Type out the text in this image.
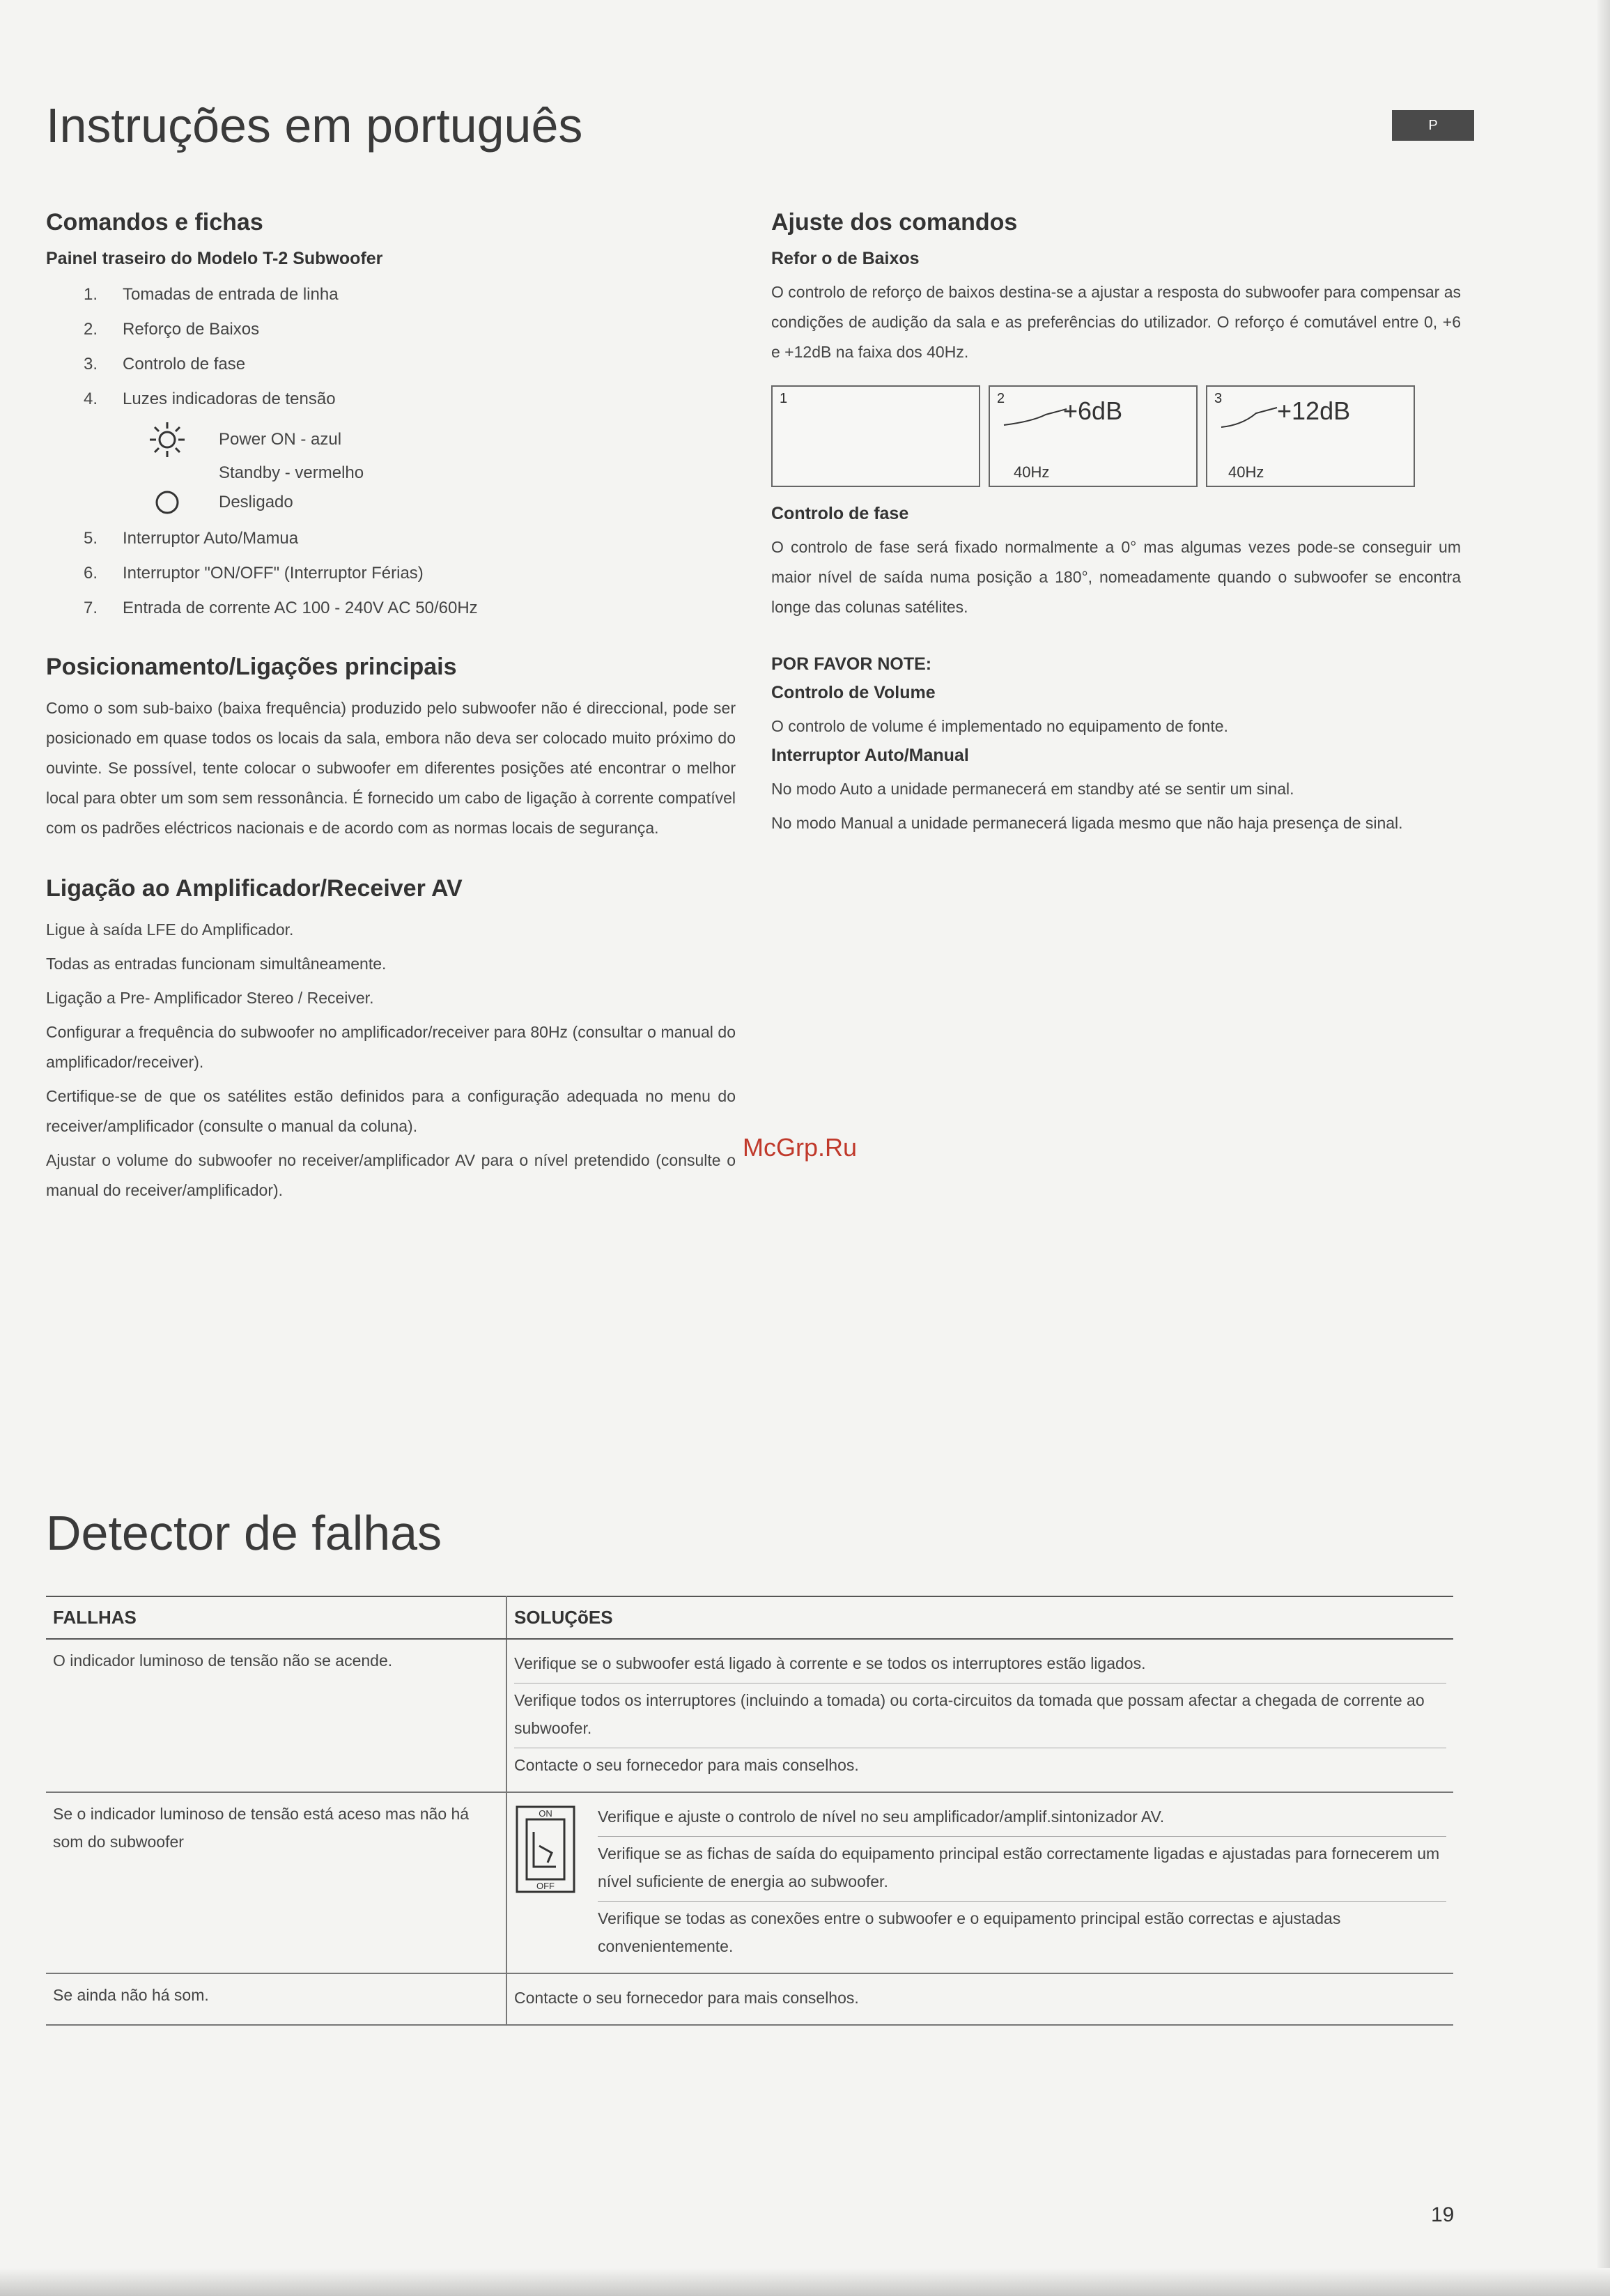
Instruções em português	P
Comandos e fichas
Painel traseiro do Modelo T-2 Subwoofer
1.	Tomadas de entrada de linha
2.	Reforço de Baixos
3.	Controlo de fase
4.	Luzes indicadoras de tensão
Power ON - azul
Standby - vermelho
Desligado
5.	Interruptor Auto/Mamua
6.	Interruptor "ON/OFF" (Interruptor Férias)
7.	Entrada de corrente AC 100 - 240V AC 50/60Hz
Posicionamento/Ligações principais

Como o som sub-baixo (baixa frequência) produzido pelo subwoofer não é direccional, pode ser posicionado em quase todos os locais da sala, embora não deva ser colocado muito próximo do ouvinte. Se possível, tente colocar o subwoofer em diferentes posições até encontrar o melhor local para obter um som sem ressonância. É fornecido um cabo de ligação à corrente compatível com os padrões eléctricos nacionais e de acordo com as normas locais de segurança.

Ligação ao Amplificador/Receiver AV

Ligue à saída LFE do Amplificador.

Todas as entradas funcionam simultâneamente.

Ligação a Pre- Amplificador Stereo / Receiver.

Configurar a frequência do subwoofer no amplificador/receiver para 80Hz (consultar o manual do amplificador/receiver).

Certifique-se de que os satélites estão definidos para a configuração adequada no menu do receiver/amplificador (consulte o manual da coluna).

Ajustar o volume do subwoofer no receiver/amplificador AV para o nível pretendido (consulte o manual do receiver/amplificador).

Ajuste dos comandos
Refor o de Baixos

O controlo de reforço de baixos destina-se a ajustar a resposta do subwoofer para compensar as condições de audição da sala e as preferências do utilizador. O reforço é comutável entre 0, +6 e +12dB na faixa dos 40Hz.

1	2 +6dB
40Hz
3 +12dB
40Hz
Controlo de fase

O controlo de fase será fixado normalmente a 0° mas algumas vezes pode-se conseguir um maior nível de saída numa posição a 180°, nomeadamente quando o subwoofer se encontra longe das colunas satélites.

POR FAVOR NOTE:
Controlo de Volume

O controlo de volume é implementado no equipamento de fonte.

Interruptor Auto/Manual

No modo Auto a unidade permanecerá em standby até se sentir um sinal.

No modo Manual a unidade permanecerá ligada mesmo que não haja presença de sinal.

McGrp.Ru
Detector de falhas
FALLHAS	SOLUÇõES
O indicador luminoso de tensão não se acende.	Verifique se o subwoofer está ligado à corrente e se todos os interruptores estão ligados.
Verifique todos os interruptores (incluindo a tomada) ou corta-circuitos da tomada que possam afectar a chegada de corrente ao subwoofer.
Contacte o seu fornecedor para mais conselhos.

Se o indicador luminoso de tensão está aceso mas não há som do subwoofer	ON
OFF
Verifique e ajuste o controlo de nível no seu amplificador/amplif.sintonizador AV.
Verifique se as fichas de saída do equipamento principal estão correctamente ligadas e ajustadas para fornecerem um nível suficiente de energia ao subwoofer.
Verifique se todas as conexões entre o subwoofer e o equipamento principal estão correctas e ajustadas convenientemente.

Se ainda não há som.	Contacte o seu fornecedor para mais conselhos.
19
